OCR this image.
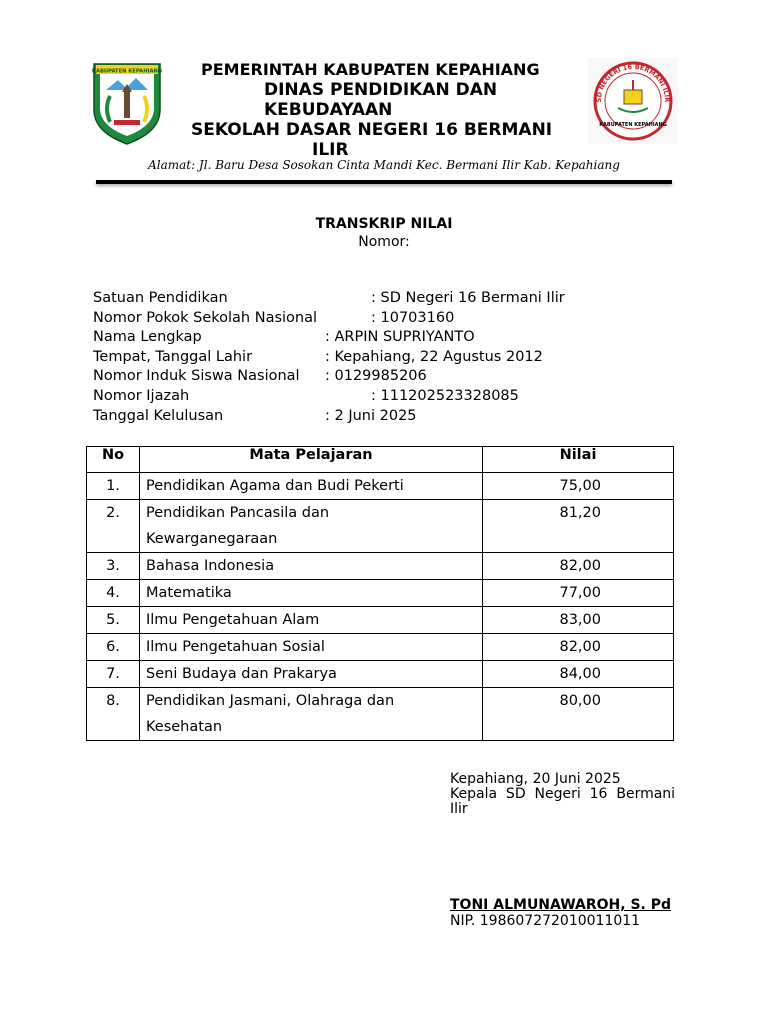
KABUPATEN KEPAHIANG
SD NEGERI 16 BERMANI ILIR
KABUPATEN KEPAHIANG
PEMERINTAH KABUPATEN KEPAHIANG
DINAS PENDIDIKAN DAN
KEBUDAYAAN
SEKOLAH DASAR NEGERI 16 BERMANI
ILIR
Alamat: Jl. Baru Desa Sosokan Cinta Mandi Kec. Bermani Ilir Kab. Kepahiang
TRANSKRIP NILAI
Nomor:
Satuan Pendidikan	: SD Negeri 16 Bermani Ilir
Nomor Pokok Sekolah Nasional	: 10703160
Nama Lengkap	: ARPIN SUPRIYANTO
Tempat, Tanggal Lahir	: Kepahiang, 22 Agustus 2012
Nomor Induk Siswa Nasional : 0129985206
Nomor Ijazah	: 111202523328085
Tanggal Kelulusan	: 2 Juni 2025
No	Mata Pelajaran	Nilai
1.	Pendidikan Agama dan Budi Pekerti	75,00
2.	Pendidikan Pancasila dan
Kewarganegaraan	81,20
3.	Bahasa Indonesia	82,00
4.	Matematika	77,00
5.	Ilmu Pengetahuan Alam	83,00
6.	Ilmu Pengetahuan Sosial	82,00
7.	Seni Budaya dan Prakarya	84,00
8.	Pendidikan Jasmani, Olahraga dan
Kesehatan	80,00
Kepahiang, 20 Juni 2025
Kepala  SD  Negeri  16  Bermani
Ilir
TONI ALMUNAWAROH, S. Pd
NIP. 198607272010011011
